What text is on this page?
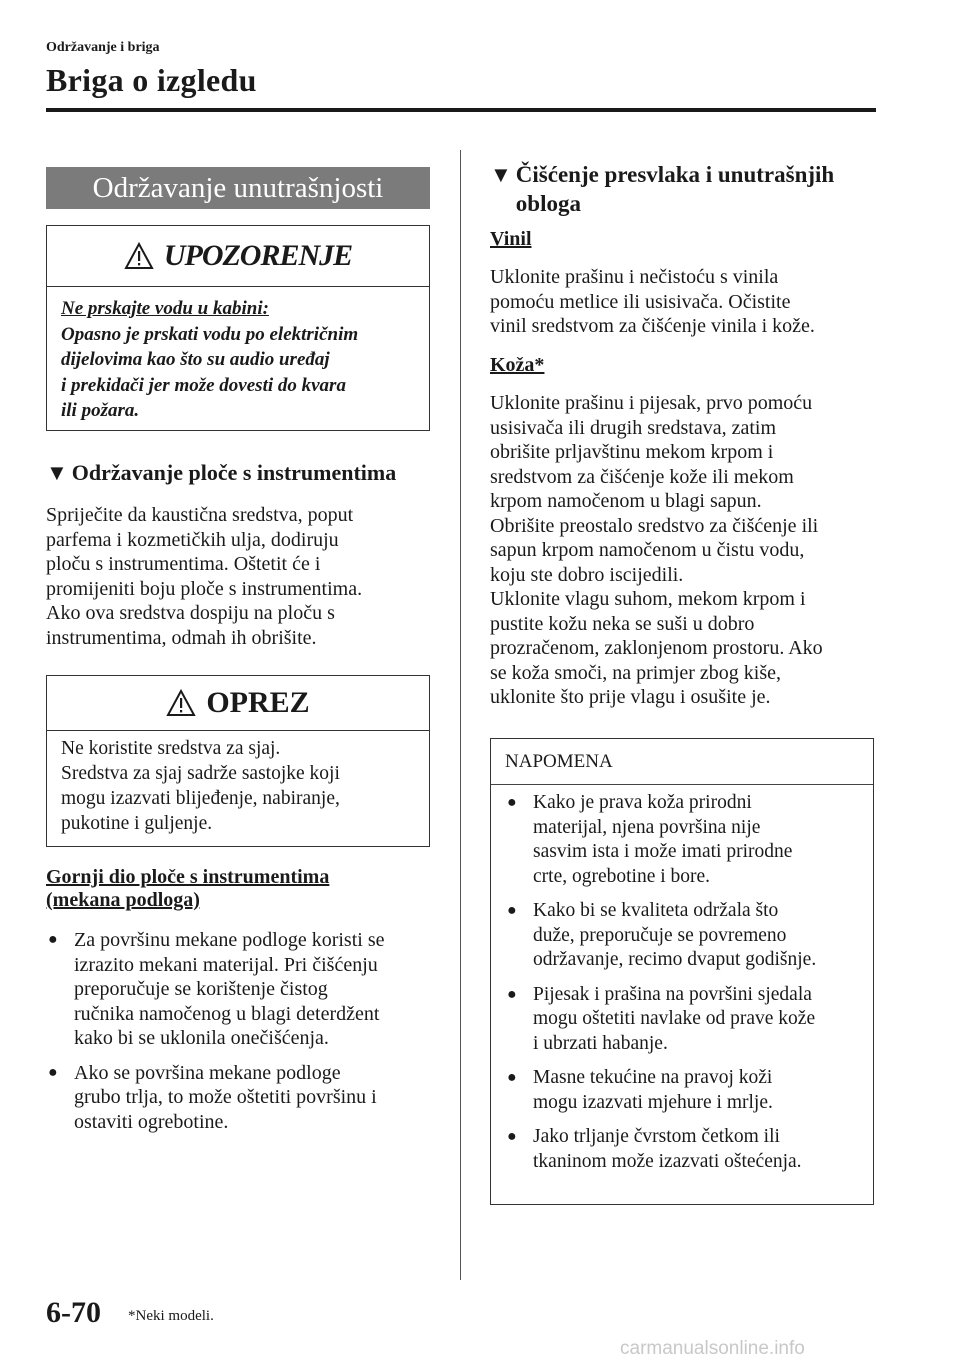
Održavanje i briga
Briga o izgledu
Održavanje unutrašnjosti
UPOZORENJE
Ne prskajte vodu u kabini:
Opasno je prskati vodu po električnim
dijelovima kao što su audio uređaj
i prekidači jer može dovesti do kvara
ili požara.
▼ Održavanje ploče s instrumentima
Spriječite da kaustična sredstva, poput
parfema i kozmetičkih ulja, dodiruju
ploču s instrumentima. Oštetit će i
promijeniti boju ploče s instrumentima.
Ako ova sredstva dospiju na ploču s
instrumentima, odmah ih obrišite.
OPREZ
Ne koristite sredstva za sjaj.
Sredstva za sjaj sadrže sastojke koji
mogu izazvati blijeđenje, nabiranje,
pukotine i guljenje.
Gornji dio ploče s instrumentima
(mekana podloga)
● Za površinu mekane podloge koristi se
izrazito mekani materijal. Pri čišćenju
preporučuje se korištenje čistog
ručnika namočenog u blagi deterdžent
kako bi se uklonila onečišćenja.
● Ako se površina mekane podloge
grubo trlja, to može oštetiti površinu i
ostaviti ogrebotine.
▼ Čišćenje presvlaka i unutrašnjih
obloga
Vinil
Uklonite prašinu i nečistoću s vinila
pomoću metlice ili usisivača. Očistite
vinil sredstvom za čišćenje vinila i kože.
Koža*
Uklonite prašinu i pijesak, prvo pomoću
usisivača ili drugih sredstava, zatim
obrišite prljavštinu mekom krpom i
sredstvom za čišćenje kože ili mekom
krpom namočenom u blagi sapun.
Obrišite preostalo sredstvo za čišćenje ili
sapun krpom namočenom u čistu vodu,
koju ste dobro iscijedili.
Uklonite vlagu suhom, mekom krpom i
pustite kožu neka se suši u dobro
prozračenom, zaklonjenom prostoru. Ako
se koža smoči, na primjer zbog kiše,
uklonite što prije vlagu i osušite je.
NAPOMENA
● Kako je prava koža prirodni
materijal, njena površina nije
sasvim ista i može imati prirodne
crte, ogrebotine i bore.
● Kako bi se kvaliteta održala što
duže, preporučuje se povremeno
održavanje, recimo dvaput godišnje.
● Pijesak i prašina na površini sjedala
mogu oštetiti navlake od prave kože
i ubrzati habanje.
● Masne tekućine na pravoj koži
mogu izazvati mjehure i mrlje.
● Jako trljanje čvrstom četkom ili
tkaninom može izazvati oštećenja.
6-70 *Neki modeli.
carmanualsonline.info
